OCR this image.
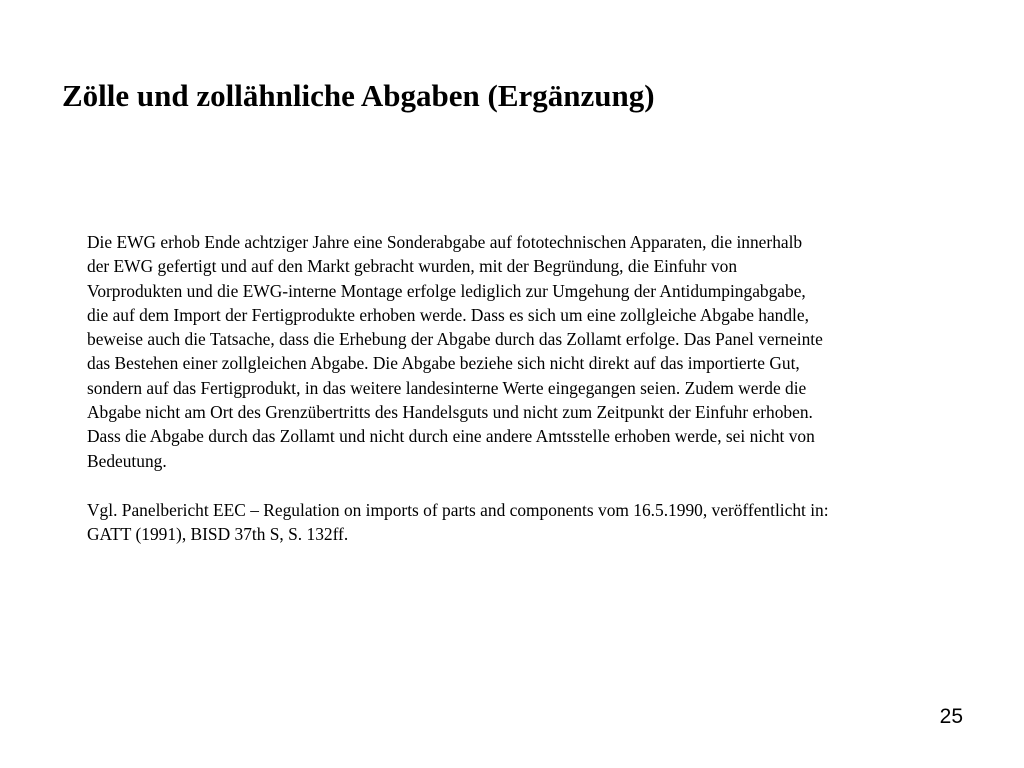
Zölle und zollähnliche Abgaben (Ergänzung)

Die EWG erhob Ende achtziger Jahre eine Sonderabgabe auf fototechnischen Apparaten, die innerhalb

der EWG gefertigt und auf den Markt gebracht wurden, mit der Begründung, die Einfuhr von

Vorprodukten und die EWG-interne Montage erfolge lediglich zur Umgehung der Antidumpingabgabe,

die auf dem Import der Fertigprodukte erhoben werde. Dass es sich um eine zollgleiche Abgabe handle,

beweise auch die Tatsache, dass die Erhebung der Abgabe durch das Zollamt erfolge. Das Panel verneinte

das Bestehen einer zollgleichen Abgabe. Die Abgabe beziehe sich nicht direkt auf das importierte Gut,

sondern auf das Fertigprodukt, in das weitere landesinterne Werte eingegangen seien. Zudem werde die

Abgabe nicht am Ort des Grenzübertritts des Handelsguts und nicht zum Zeitpunkt der Einfuhr erhoben.

Dass die Abgabe durch das Zollamt und nicht durch eine andere Amtsstelle erhoben werde, sei nicht von

Bedeutung.

Vgl. Panelbericht EEC – Regulation on imports of parts and components vom 16.5.1990, veröffentlicht in:

GATT (1991), BISD 37th S, S. 132ff.

25
